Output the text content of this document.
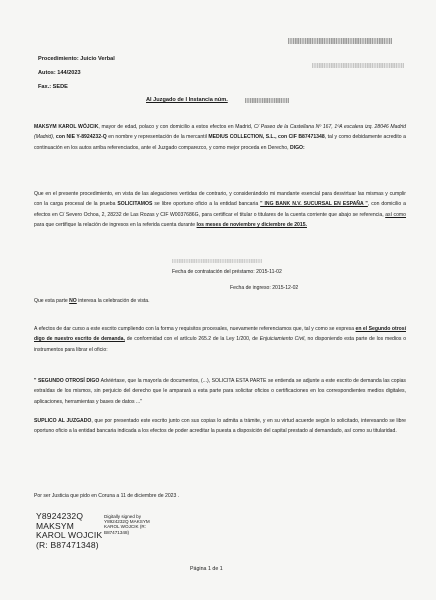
Procedimiento: Juicio Verbal
Autos: 144/2023
Fax.: SEDE
Al Juzgado de I Instancia núm.
MAKSYM KAROL WÓJCIK, mayor de edad, polaco y con domicilio a estos efectos en Madrid, C/ Paseo de la Castellana Nº 167, 1ºA escalera izq. 28046 Madrid (Madrid), con NIE Y-8924232-Q en nombre y representación de la mercantil MEDIUS COLLECTION, S.L., con CIF B87471348, tal y como debidamente acredito a continuación en los autos arriba referenciados, ante el Juzgado comparezco, y como mejor proceda en Derecho, DIGO:
Que en el presente procedimiento, en vista de las alegaciones vertidas de contrario, y considerándolo mi mandante esencial para desvirtuar las mismas y cumplir con la carga procesal de la prueba SOLICITAMOS se libre oportuno oficio a la entidad bancaria " ING BANK N.V. SUCURSAL EN ESPAÑA ", con domicilio a efectos en C/ Severo Ochoa, 2, 28232 de Las Rozas y CIF W0037686G, para certificar el titular o titulares de la cuenta corriente que abajo se referencia, así como para que certifique la relación de ingresos en la referida cuenta durante los meses de noviembre y diciembre de 2015.
Fecha de contratación del préstamo: 2015-11-02
Fecha de ingreso: 2015-12-02
Que esta parte NO interesa la celebración de vista.
A efectos de dar curso a este escrito cumpliendo con la forma y requisitos procesales, nuevamente referenciamos que, tal y como se expresa en el Segundo otrosí digo de nuestro escrito de demanda, de conformidad con el artículo 265.2 de la Ley 1/200, de Enjuiciamiento Civil, no disponiendo esta parte de los medios o instrumentos para librar el oficio:
" SEGUNDO OTROSÍ DIGO Adviértase, que la mayoría de documentos, (...), SOLICITA ESTA PARTE se entienda se adjunte a este escrito de demanda las copias extraídas de los mismos, sin perjuicio del derecho que le ampararà a esta parte para solicitar oficios o certificaciones en los correspondientes medios digitales, aplicaciones, herramientas y bases de datos ..."
SUPLICO AL JUZGADO, que por presentado este escrito junto con sus copias lo admita a trámite, y en su virtud acuerde según lo solicitado, interesando se libre oportuno oficio a la entidad bancaria indicada a los efectos de poder acreditar la puesta a disposición del capital prestado al demandado, así como su titularidad.
Por ser Justicia que pido en Coruna a 11 de diciembre de 2023 .
Y8924232Q
MAKSYM
KAROL WOJCIK
(R: B87471348)
Digitally signed by
Y8924232Q MAKSYM
KAROL WOJCIK (R:
B87471348)
Página 1 de 1
